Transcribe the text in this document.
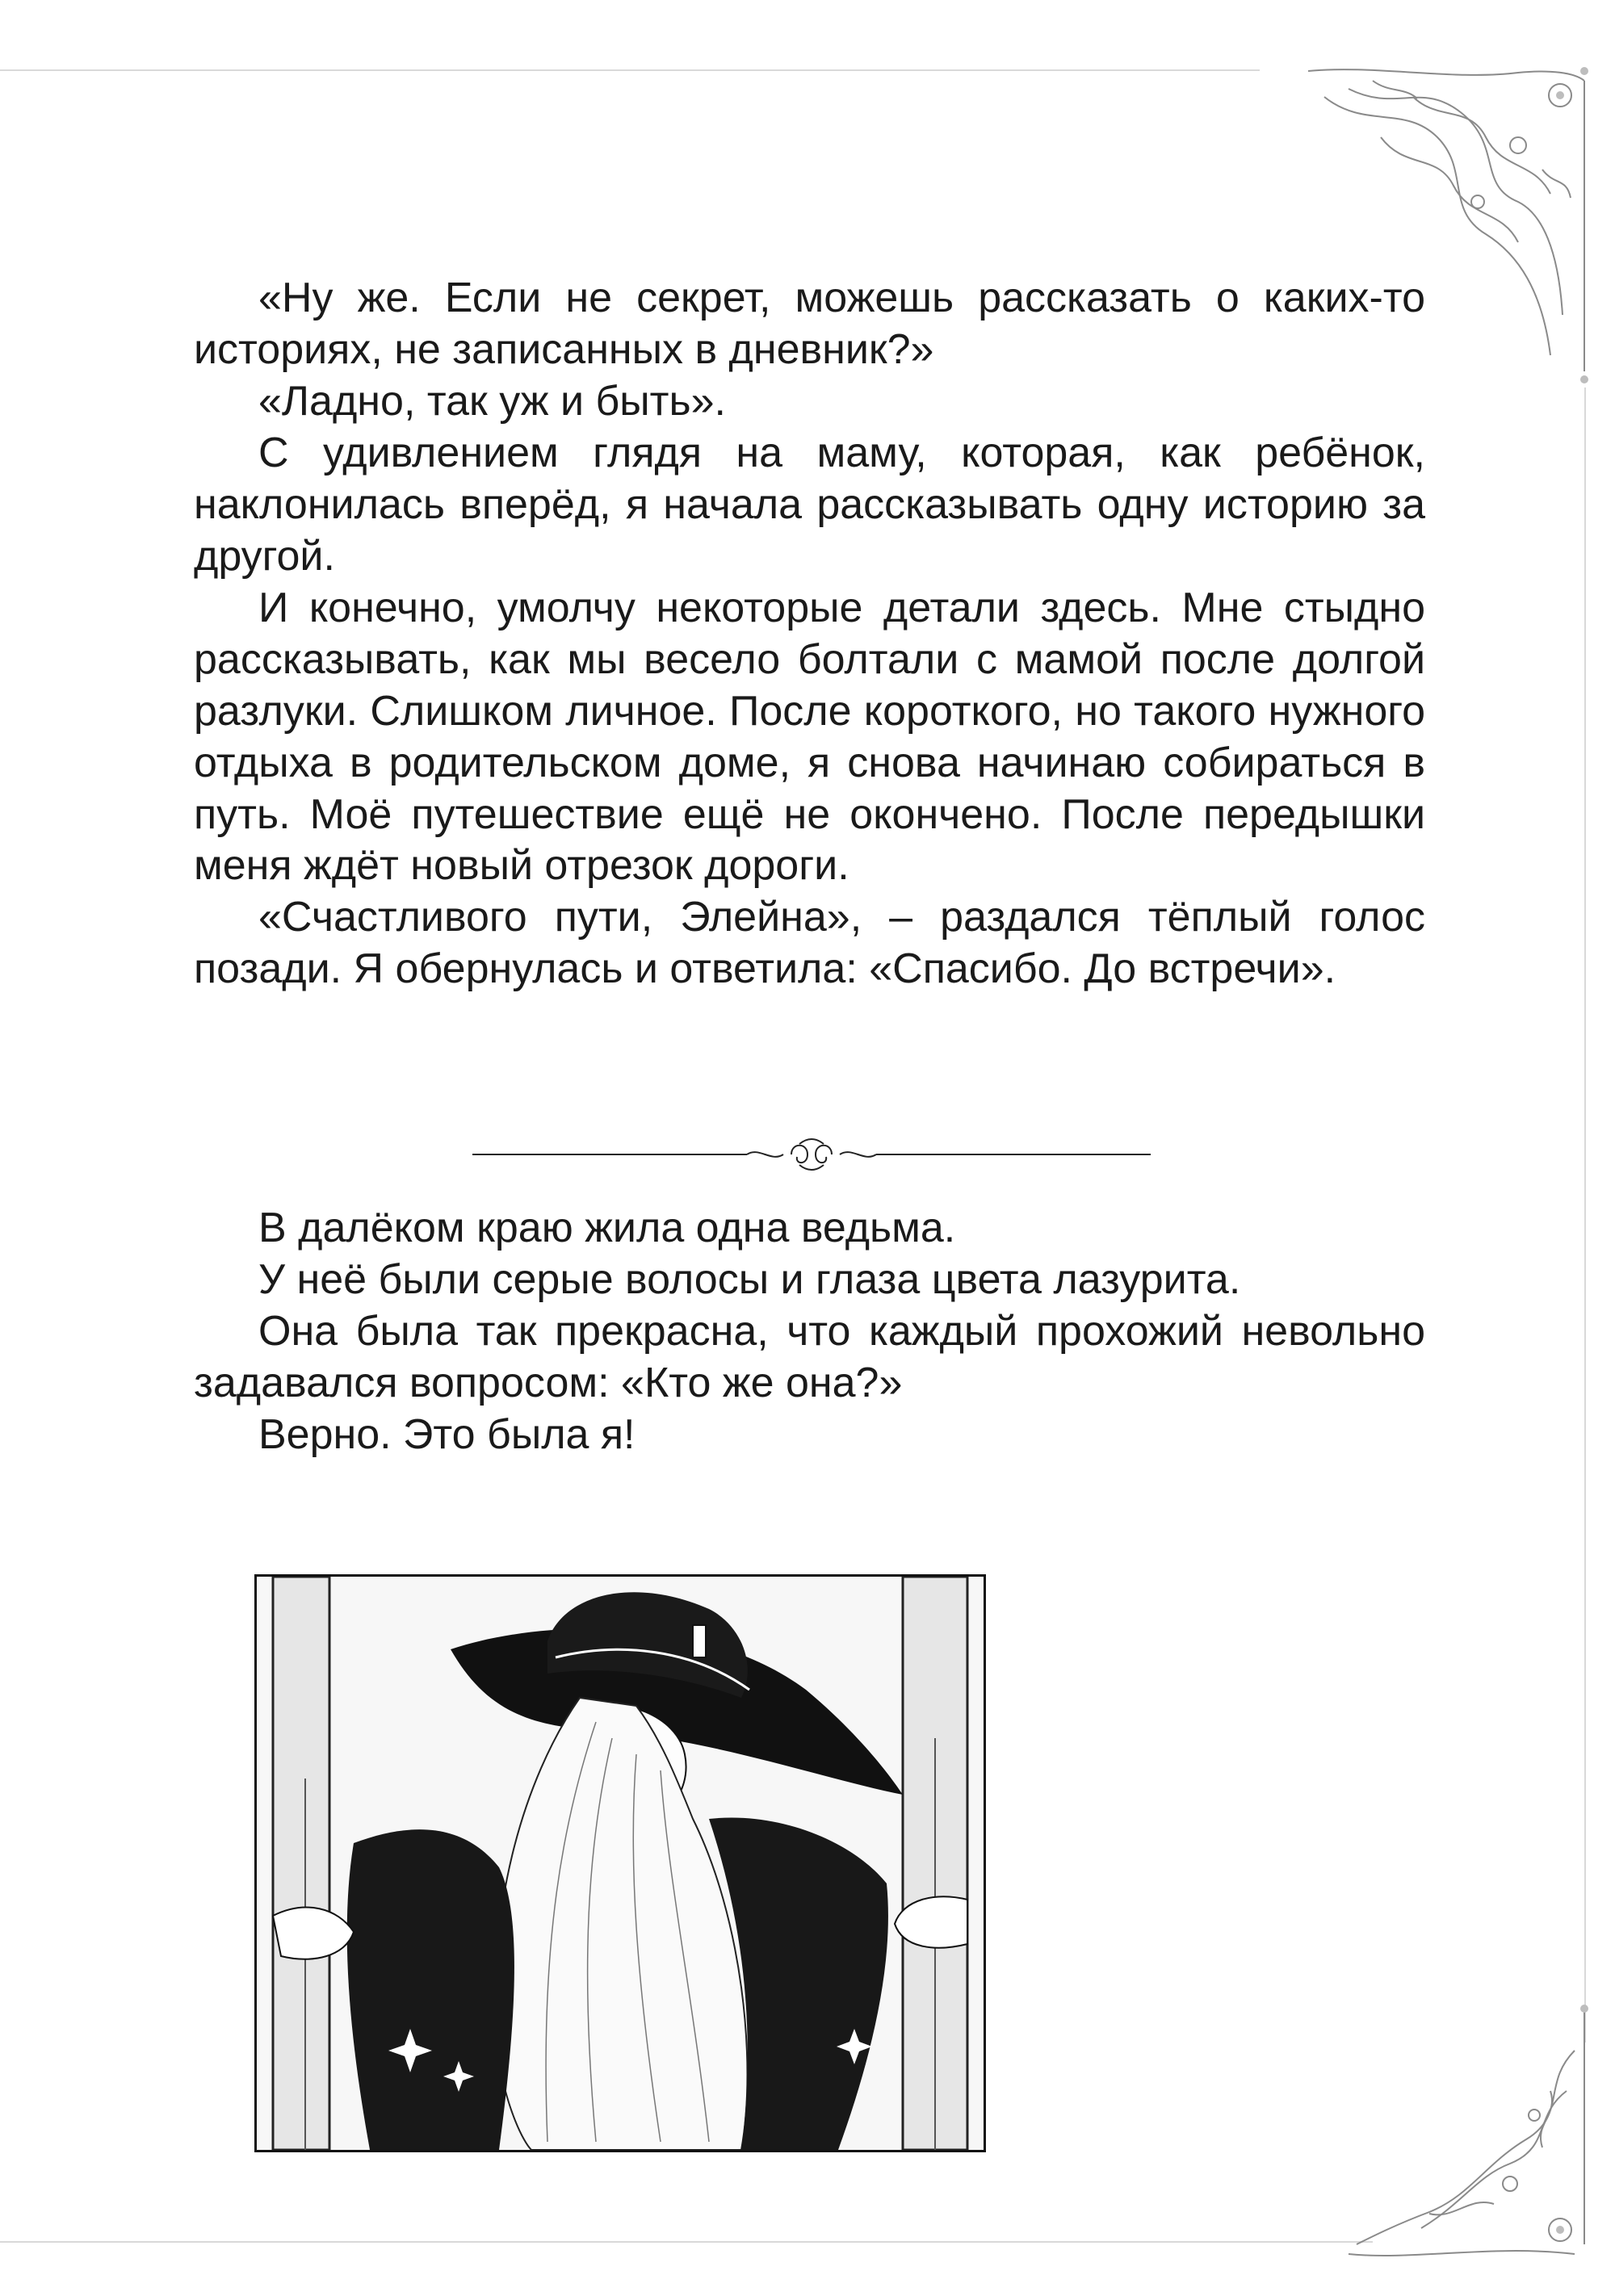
«Ну же. Если не секрет, можешь рассказать о каких-то историях, не записанных в дневник?»

«Ладно, так уж и быть».

С удивлением глядя на маму, которая, как ребёнок, наклонилась вперёд, я начала рассказывать одну историю за другой.

И конечно, умолчу некоторые детали здесь. Мне стыдно рассказывать, как мы весело болтали с мамой после долгой разлуки. Слишком личное. После короткого, но такого нужного отдыха в родительском доме, я снова начинаю собираться в путь. Моё путешествие ещё не окончено. После передышки меня ждёт новый отрезок дороги.

«Счастливого пути, Элейна», – раздался тёплый голос позади. Я обернулась и ответила: «Спасибо. До встречи».

В далёком краю жила одна ведьма.

У неё были серые волосы и глаза цвета лазурита.

Она была так прекрасна, что каждый прохожий невольно задавался вопросом: «Кто же она?»

Верно. Это была я!
